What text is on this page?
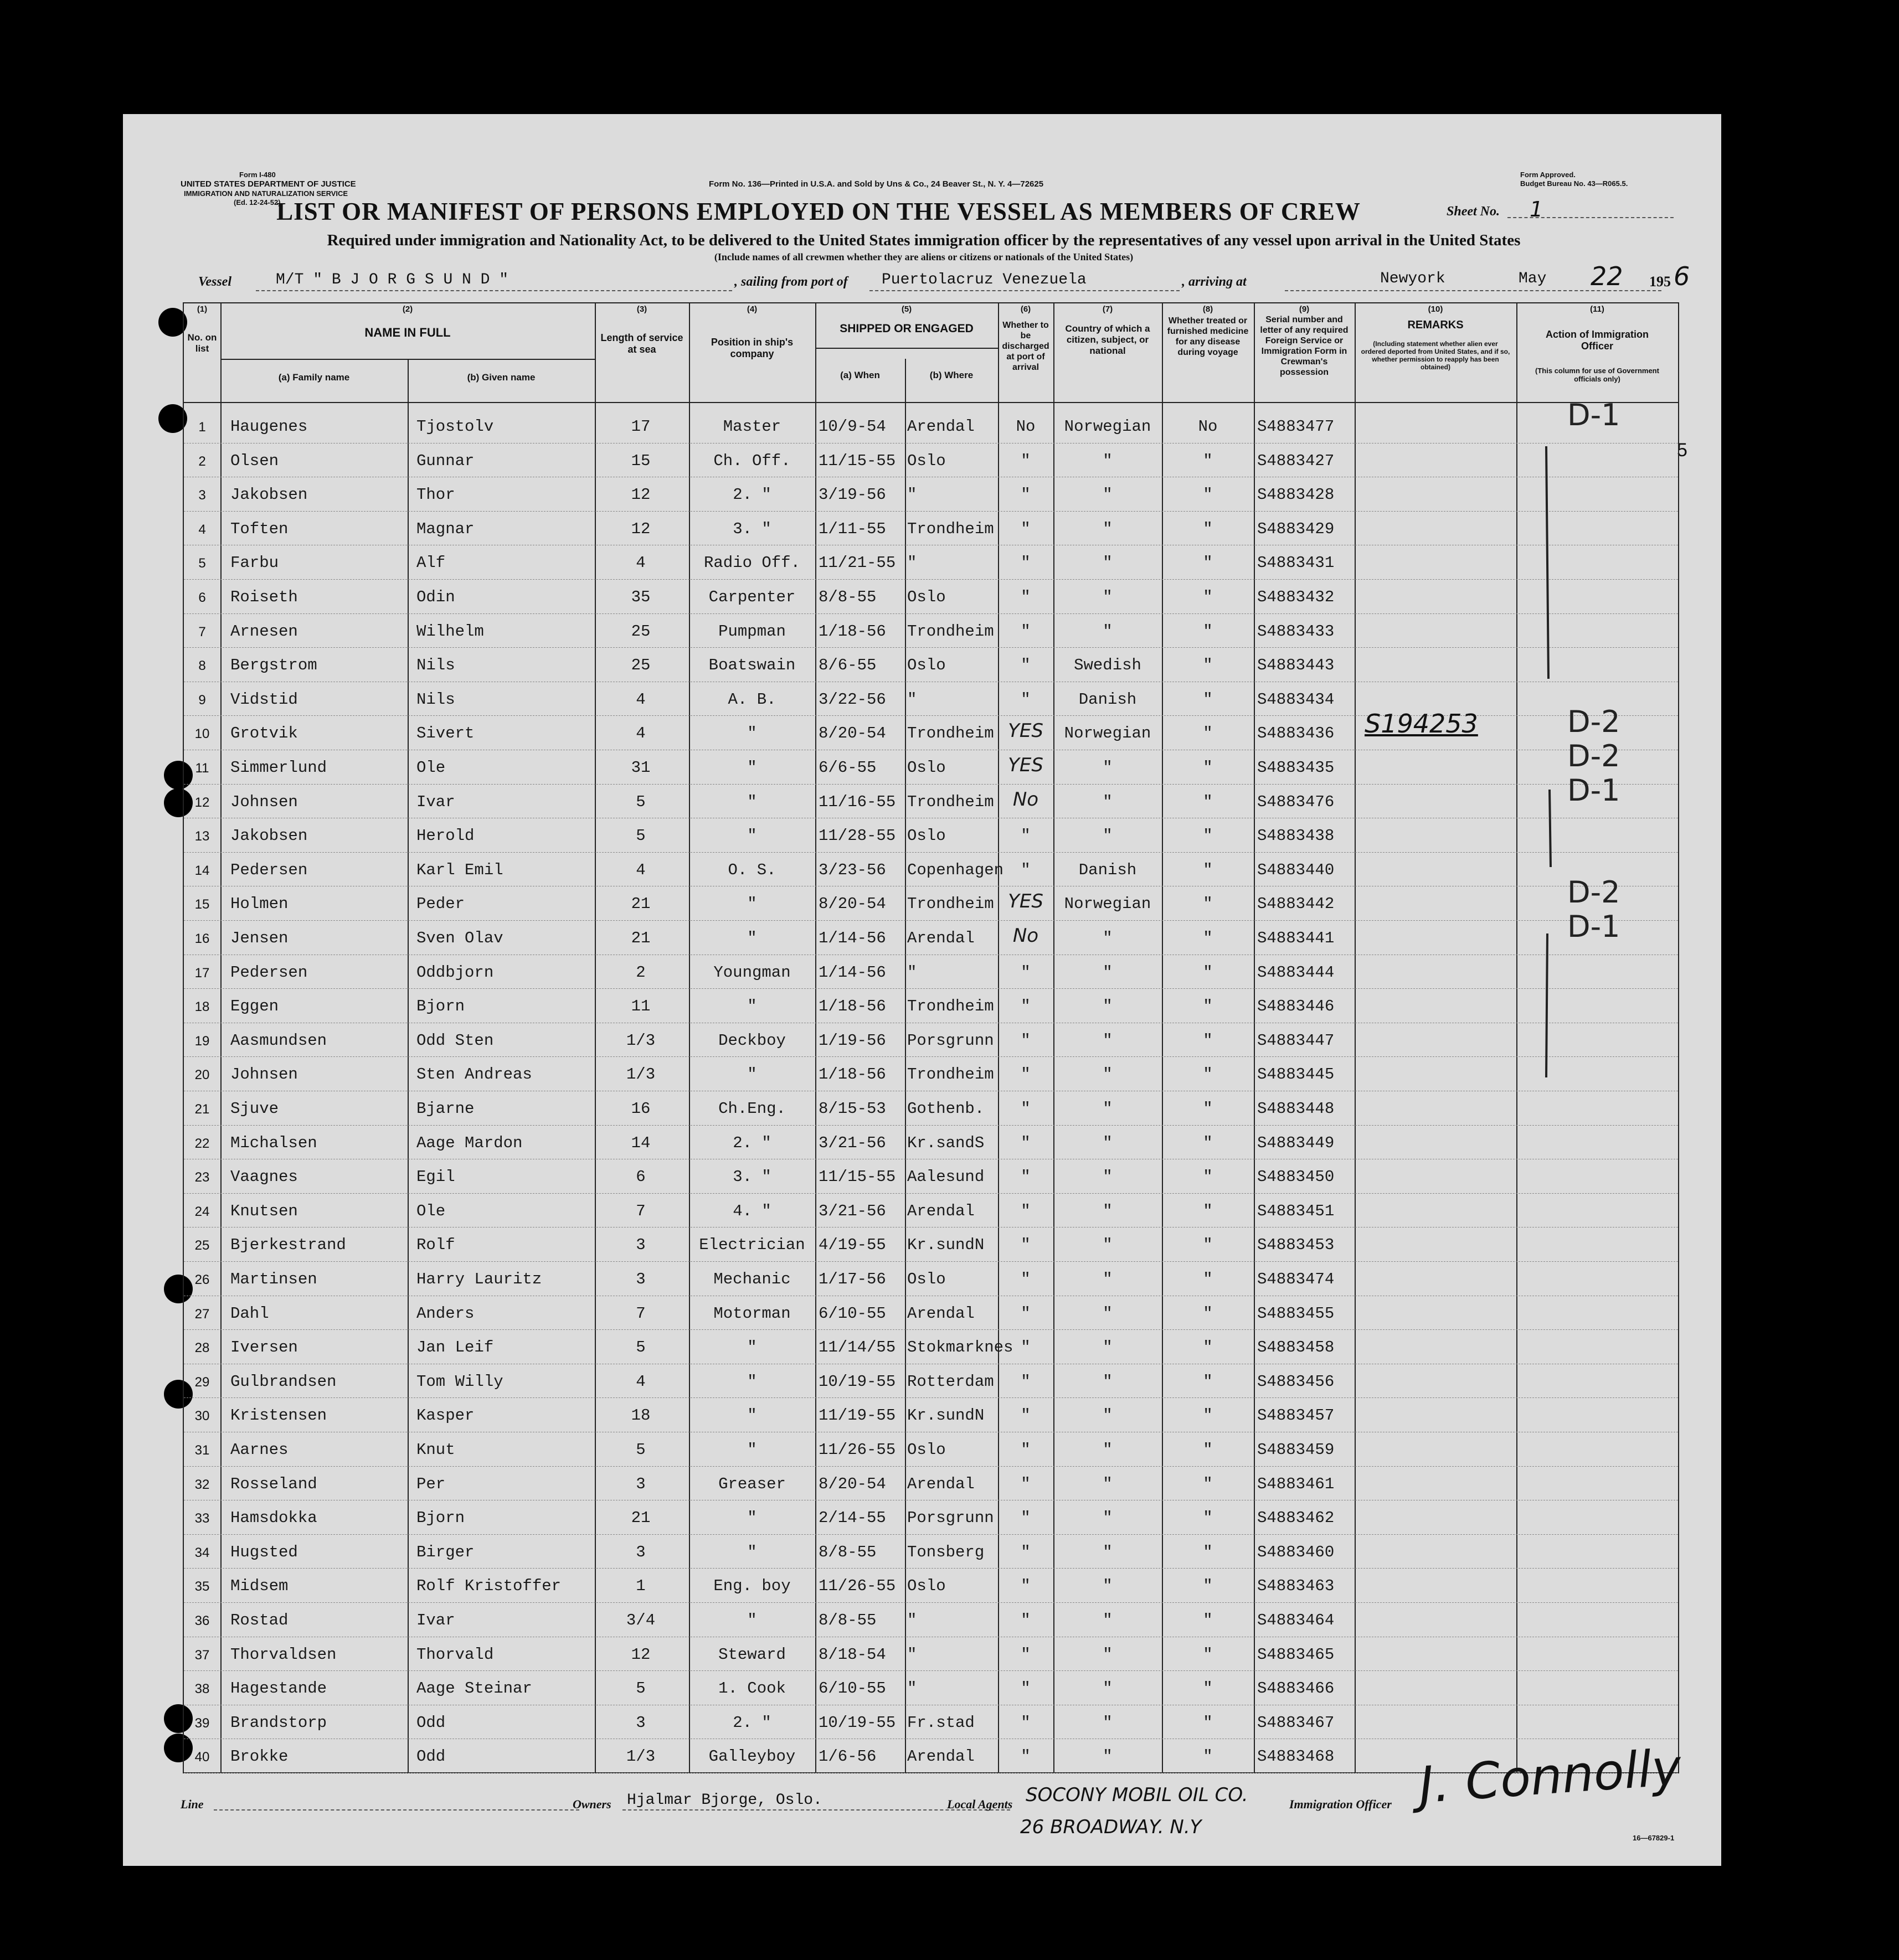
Form I-480
UNITED STATES DEPARTMENT OF JUSTICE
IMMIGRATION AND NATURALIZATION SERVICE
(Ed. 12-24-52)
Form No. 136—Printed in U.S.A. and Sold by Uns & Co., 24 Beaver St., N. Y. 4—72625
Form Approved.
Budget Bureau No. 43—R065.5.
LIST OR MANIFEST OF PERSONS EMPLOYED ON THE VESSEL AS MEMBERS OF CREW	Sheet No. 1
Required under immigration and Nationality Act, to be delivered to the United States immigration officer by the representatives of any vessel upon arrival in the United States
(Include names of all crewmen whether they are aliens or citizens or nationals of the United States)
5
Vessel	M/T " B J O R G S U N D "	, sailing from port of Puertolacruz Venezuela	, arriving at	Newyork	May 22 195 6
(1)
No. on list
(2)
NAME IN FULL
(a) Family name	(b) Given name
(3)
Length of service at sea
(4)
Position in ship's company
(5)
SHIPPED OR ENGAGED
(a) When	(b) Where
(6)
Whether to be discharged at port of arrival
(7)
Country of which a citizen, subject, or national
(8)
Whether treated or furnished medicine for any disease during voyage
(9)
Serial number and letter of any required Foreign Service or Immigration Form in Crewman's possession
(10)
REMARKS
(Including statement whether alien ever ordered deported from United States, and if so, whether permission to reapply has been obtained)
(11)
Action of Immigration Officer
(This column for use of Government officials only)
1	Haugenes	Tjostolv	17	Master	10/9-54	Arendal	No	Norwegian	No	S4883477
2	Olsen	Gunnar	15	Ch. Off.	11/15-55 Oslo	"	"	"	S4883427
3	Jakobsen	Thor	12	2. "	3/19-56	"	"	"	"	S4883428
4	Toften	Magnar	12	3. "	1/11-55	Trondheim	"	"	"	S4883429
5	Farbu	Alf	4	Radio Off.	11/21-55 "	"	"	"	S4883431
6	Roiseth	Odin	35	Carpenter	8/8-55	Oslo	"	"	"	S4883432
7	Arnesen	Wilhelm	25	Pumpman	1/18-56	Trondheim	"	"	"	S4883433
8	Bergstrom	Nils	25	Boatswain	8/6-55	Oslo	"	Swedish	"	S4883443
9	Vidstid	Nils	4	A. B.	3/22-56	"	"	Danish	"	S4883434
10	Grotvik	Sivert	4	"	8/20-54	Trondheim YES	Norwegian	"	S4883436
11	Simmerlund	Ole	31	"	6/6-55	Oslo	YES	"	"	S4883435
12	Johnsen	Ivar	5	"	11/16-55 Trondheim	No	"	"	S4883476
13	Jakobsen	Herold	5	"	11/28-55 Oslo	"	"	"	S4883438
14	Pedersen	Karl Emil	4	O. S.	3/23-56	Copenhagen	"	Danish	"	S4883440
15	Holmen	Peder	21	"	8/20-54	Trondheim YES	Norwegian	"	S4883442
16	Jensen	Sven Olav	21	"	1/14-56	Arendal	No	"	"	S4883441
17	Pedersen	Oddbjorn	2	Youngman	1/14-56	"	"	"	"	S4883444
18	Eggen	Bjorn	11	"	1/18-56	Trondheim	"	"	"	S4883446
19	Aasmundsen	Odd Sten	1/3	Deckboy	1/19-56	Porsgrunn	"	"	"	S4883447
20	Johnsen	Sten Andreas	1/3	"	1/18-56	Trondheim	"	"	"	S4883445
21	Sjuve	Bjarne	16	Ch.Eng.	8/15-53	Gothenb.	"	"	"	S4883448
22	Michalsen	Aage Mardon	14	2. "	3/21-56	Kr.sandS	"	"	"	S4883449
23	Vaagnes	Egil	6	3. "	11/15-55 Aalesund	"	"	"	S4883450
24	Knutsen	Ole	7	4. "	3/21-56	Arendal	"	"	"	S4883451
25	Bjerkestrand	Rolf	3	Electrician 4/19-55	Kr.sundN	"	"	"	S4883453
26	Martinsen	Harry Lauritz	3	Mechanic	1/17-56	Oslo	"	"	"	S4883474
27	Dahl	Anders	7	Motorman	6/10-55	Arendal	"	"	"	S4883455
28	Iversen	Jan Leif	5	"	11/14/55 Stokmarknes "	"	"	S4883458
29	Gulbrandsen	Tom Willy	4	"	10/19-55 Rotterdam	"	"	"	S4883456
30	Kristensen	Kasper	18	"	11/19-55 Kr.sundN	"	"	"	S4883457
31	Aarnes	Knut	5	"	11/26-55 Oslo	"	"	"	S4883459
32	Rosseland	Per	3	Greaser	8/20-54	Arendal	"	"	"	S4883461
33	Hamsdokka	Bjorn	21	"	2/14-55	Porsgrunn	"	"	"	S4883462
34	Hugsted	Birger	3	"	8/8-55	Tonsberg	"	"	"	S4883460
35	Midsem	Rolf Kristoffer	1	Eng. boy	11/26-55 Oslo	"	"	"	S4883463
36	Rostad	Ivar	3/4	"	8/8-55	"	"	"	"	S4883464
37	Thorvaldsen	Thorvald	12	Steward	8/18-54	"	"	"	"	S4883465
38	Hagestande	Aage Steinar	5	1. Cook	6/10-55	"	"	"	"	S4883466
39	Brandstorp	Odd	3	2. "	10/19-55 Fr.stad	"	"	"	S4883467
40	Brokke	Odd	1/3	Galleyboy	1/6-56	Arendal	"	"	"	S4883468
S194253
D-1
D-2
D-2
D-1
D-2
D-1
Line	Owners Hjalmar Bjorge, Oslo.	Local Agents SOCONY MOBIL OIL CO.
26 BROADWAY. N.Y
Immigration Officer J. Connolly
16—67829-1
